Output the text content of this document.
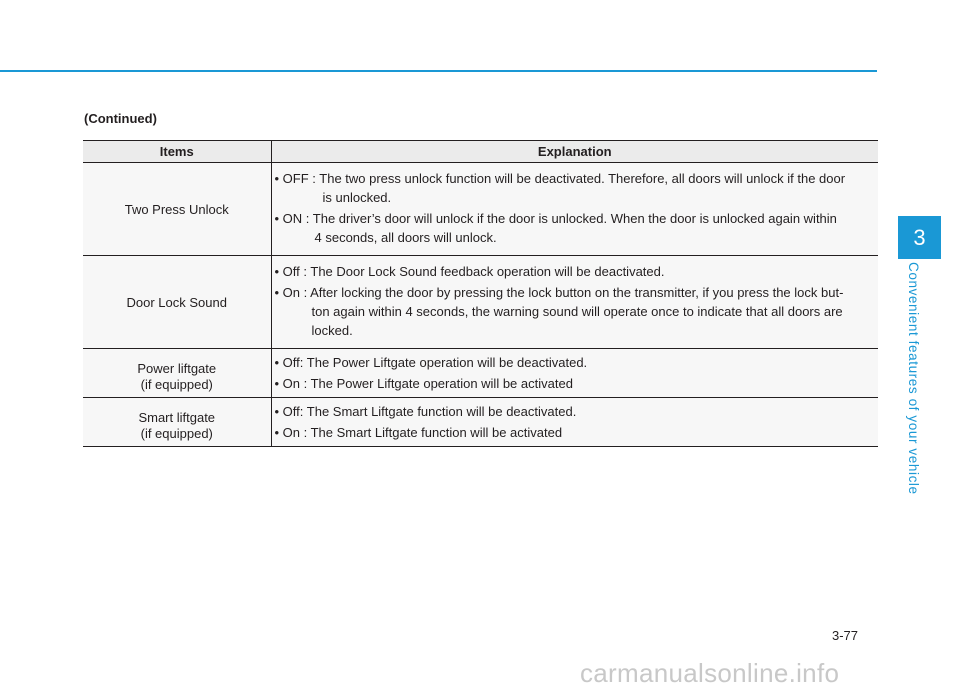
(Continued)
Items	Explanation
Two Press Unlock	• OFF : The two press unlock function will be deactivated. Therefore, all doors will unlock if the door
is unlocked.
• ON : The driver’s door will unlock if the door is unlocked. When the door is unlocked again within
4 seconds, all doors will unlock.

Door Lock Sound	• Off : The Door Lock Sound feedback operation will be deactivated.
• On : After locking the door by pressing the lock button on the transmitter, if you press the lock but-
ton again within 4 seconds, the warning sound will operate once to indicate that all doors are
locked.

Power liftgate
(if equipped)	• Off: The Power Liftgate operation will be deactivated.
• On : The Power Liftgate operation will be activated

Smart liftgate
(if equipped)	• Off: The Smart Liftgate function will be deactivated.
• On : The Smart Liftgate function will be activated
3
Convenient features of your vehicle
3-77
carmanualsonline.info
